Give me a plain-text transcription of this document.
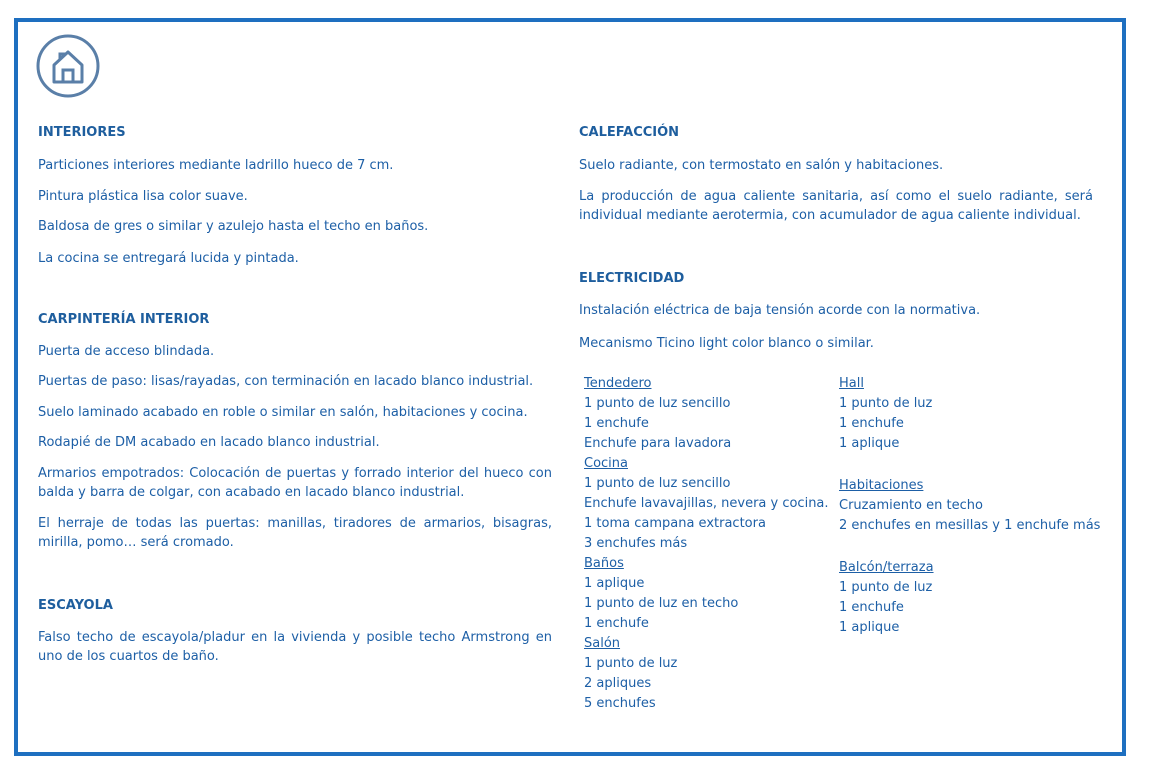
INTERIORES

Particiones interiores mediante ladrillo hueco de 7 cm.

Pintura plástica lisa color suave.

Baldosa de gres o similar y azulejo hasta el techo en baños.

La cocina se entregará lucida y pintada.

CARPINTERÍA INTERIOR

Puerta de acceso blindada.

Puertas de paso: lisas/rayadas, con terminación en lacado blanco industrial.

Suelo laminado acabado en roble o similar en salón, habitaciones y cocina.

Rodapié de DM acabado en lacado blanco industrial.

Armarios empotrados: Colocación de puertas y forrado interior del hueco con balda y barra de colgar, con acabado en lacado blanco industrial.

El herraje de todas las puertas: manillas, tiradores de armarios, bisagras, mirilla, pomo… será cromado.

ESCAYOLA

Falso techo de escayola/pladur en la vivienda y posible techo Armstrong en uno de los cuartos de baño.

CALEFACCIÓN

Suelo radiante, con termostato en salón y habitaciones.

La producción de agua caliente sanitaria, así como el suelo radiante, será individual mediante aerotermia, con acumulador de agua caliente individual.

ELECTRICIDAD

Instalación eléctrica de baja tensión acorde con la normativa.

Mecanismo Ticino light color blanco o similar.

Tendedero
1 punto de luz sencillo
1 enchufe
Enchufe para lavadora
Cocina
1 punto de luz sencillo
Enchufe lavavajillas, nevera y cocina.
1 toma campana extractora
3 enchufes más
Baños
1 aplique
1 punto de luz en techo
1 enchufe
Salón
1 punto de luz
2 apliques
5 enchufes
Hall
1 punto de luz
1 enchufe
1 aplique
Habitaciones
Cruzamiento en techo
2 enchufes en mesillas y 1 enchufe más
Balcón/terraza
1 punto de luz
1 enchufe
1 aplique
